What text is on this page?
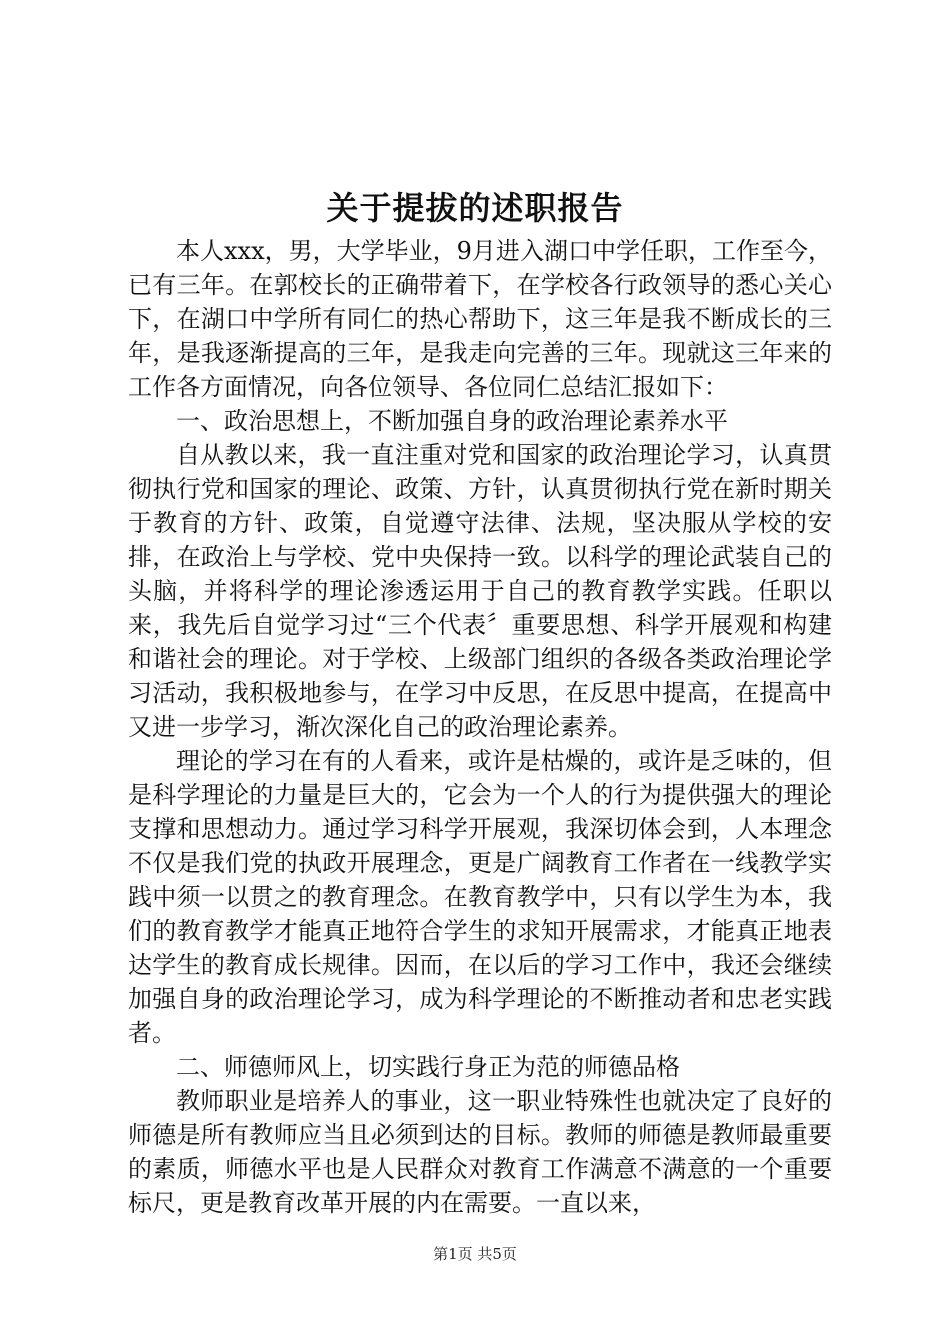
关于提拔的述职报告

本人xxx，男，大学毕业，9月进入湖口中学任职，工作至今，已有三年。在郭校长的正确带着下，在学校各行政领导的悉心关心下，在湖口中学所有同仁的热心帮助下，这三年是我不断成长的三年，是我逐渐提高的三年，是我走向完善的三年。现就这三年来的工作各方面情况，向各位领导、各位同仁总结汇报如下：

一、政治思想上，不断加强自身的政治理论素养水平

自从教以来，我一直注重对党和国家的政治理论学习，认真贯彻执行党和国家的理论、政策、方针，认真贯彻执行党在新时期关于教育的方针、政策，自觉遵守法律、法规，坚决服从学校的安排，在政治上与学校、党中央保持一致。以科学的理论武装自己的头脑，并将科学的理论渗透运用于自己的教育教学实践。任职以来，我先后自觉学习过“三个代表〞重要思想、科学开展观和构建和谐社会的理论。对于学校、上级部门组织的各级各类政治理论学习活动，我积极地参与，在学习中反思，在反思中提高，在提高中又进一步学习，渐次深化自己的政治理论素养。

理论的学习在有的人看来，或许是枯燥的，或许是乏味的，但是科学理论的力量是巨大的，它会为一个人的行为提供强大的理论支撑和思想动力。通过学习科学开展观，我深切体会到，人本理念不仅是我们党的执政开展理念，更是广阔教育工作者在一线教学实践中须一以贯之的教育理念。在教育教学中，只有以学生为本，我们的教育教学才能真正地符合学生的求知开展需求，才能真正地表达学生的教育成长规律。因而，在以后的学习工作中，我还会继续加强自身的政治理论学习，成为科学理论的不断推动者和忠老实践者。

二、师德师风上，切实践行身正为范的师德品格

教师职业是培养人的事业，这一职业特殊性也就决定了良好的师德是所有教师应当且必须到达的目标。教师的师德是教师最重要的素质，师德水平也是人民群众对教育工作满意不满意的一个重要标尺，更是教育改革开展的内在需要。一直以来，

第1页 共5页
